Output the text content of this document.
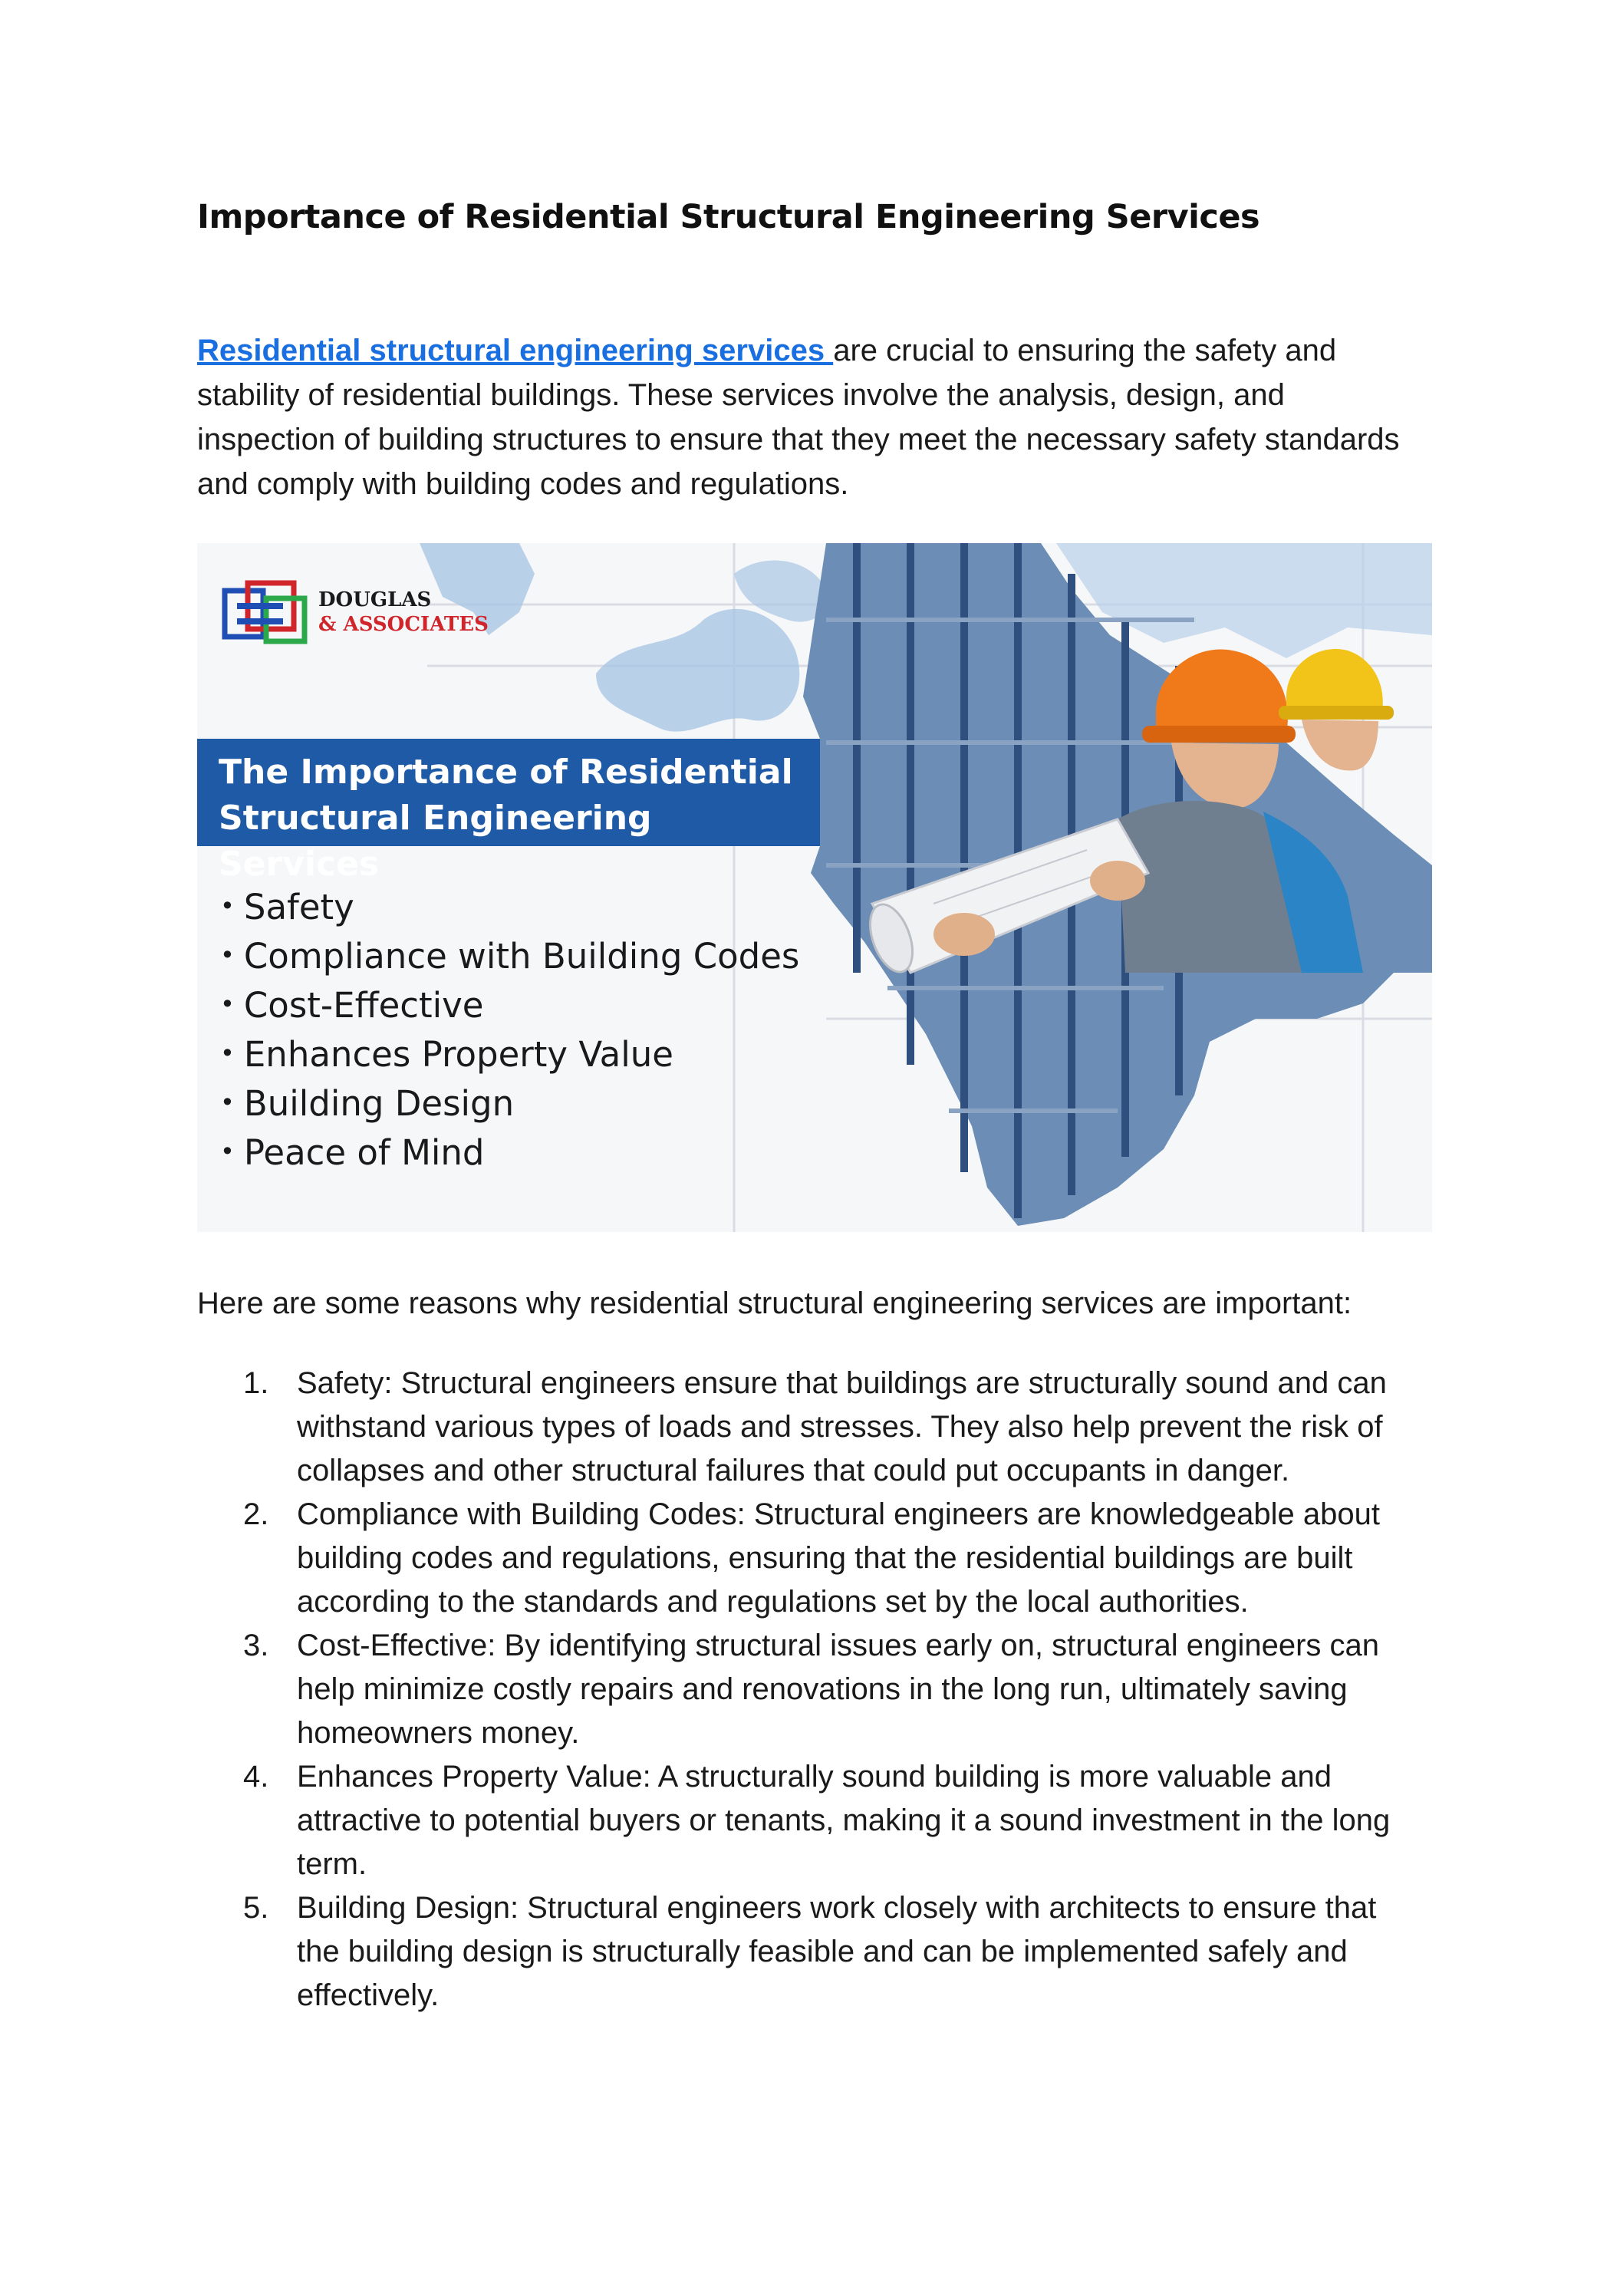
Importance of Residential Structural Engineering Services

Residential structural engineering services are crucial to ensuring the safety and stability of residential buildings. These services involve the analysis, design, and inspection of building structures to ensure that they meet the necessary safety standards and comply with building codes and regulations.

DOUGLAS
& ASSOCIATES
The Importance of Residential
Structural Engineering Services
• Safety
• Compliance with Building Codes
• Cost-Effective
• Enhances Property Value
• Building Design
• Peace of Mind

Here are some reasons why residential structural engineering services are important:

1. Safety: Structural engineers ensure that buildings are structurally sound and can withstand various types of loads and stresses. They also help prevent the risk of collapses and other structural failures that could put occupants in danger.
2. Compliance with Building Codes: Structural engineers are knowledgeable about building codes and regulations, ensuring that the residential buildings are built according to the standards and regulations set by the local authorities.
3. Cost-Effective: By identifying structural issues early on, structural engineers can help minimize costly repairs and renovations in the long run, ultimately saving homeowners money.
4. Enhances Property Value: A structurally sound building is more valuable and attractive to potential buyers or tenants, making it a sound investment in the long term.
5. Building Design: Structural engineers work closely with architects to ensure that the building design is structurally feasible and can be implemented safely and effectively.
